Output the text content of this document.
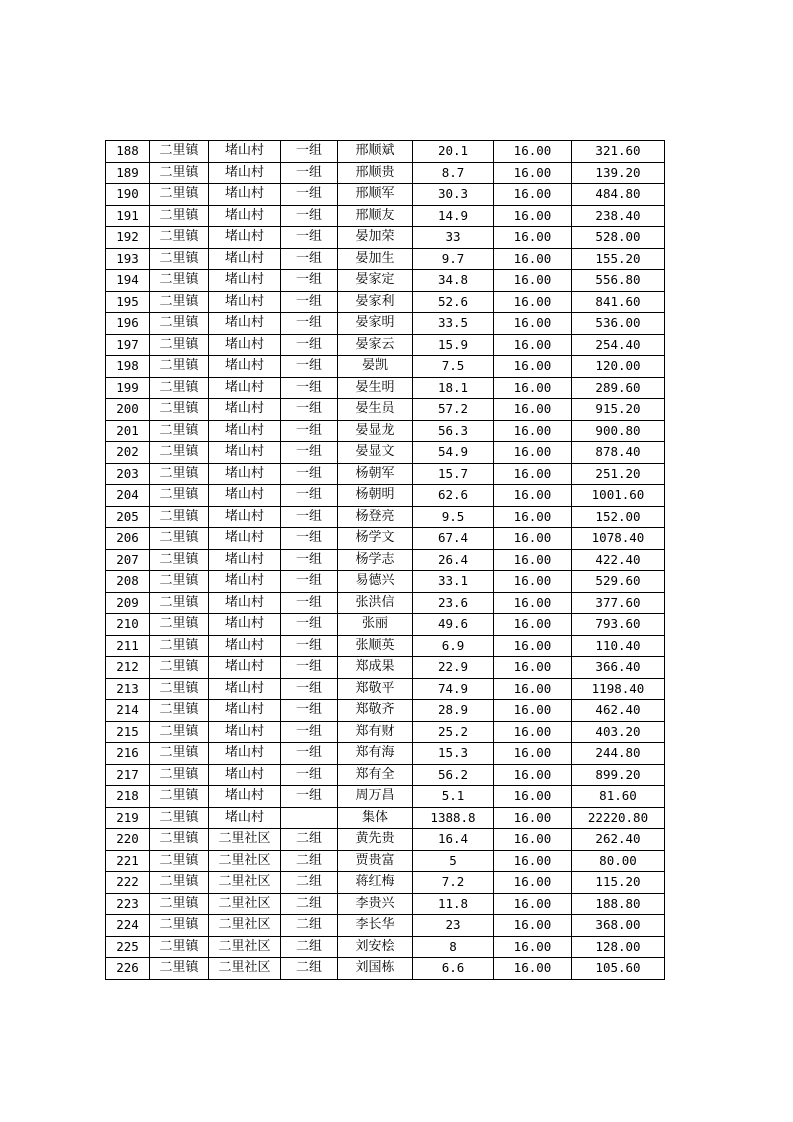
188	二里镇	堵山村	一组	邢顺斌	20.1	16.00	321.60
189	二里镇	堵山村	一组	邢顺贵	8.7	16.00	139.20
190	二里镇	堵山村	一组	邢顺军	30.3	16.00	484.80
191	二里镇	堵山村	一组	邢顺友	14.9	16.00	238.40
192	二里镇	堵山村	一组	晏加荣	33	16.00	528.00
193	二里镇	堵山村	一组	晏加生	9.7	16.00	155.20
194	二里镇	堵山村	一组	晏家定	34.8	16.00	556.80
195	二里镇	堵山村	一组	晏家利	52.6	16.00	841.60
196	二里镇	堵山村	一组	晏家明	33.5	16.00	536.00
197	二里镇	堵山村	一组	晏家云	15.9	16.00	254.40
198	二里镇	堵山村	一组	晏凯	7.5	16.00	120.00
199	二里镇	堵山村	一组	晏生明	18.1	16.00	289.60
200	二里镇	堵山村	一组	晏生员	57.2	16.00	915.20
201	二里镇	堵山村	一组	晏显龙	56.3	16.00	900.80
202	二里镇	堵山村	一组	晏显文	54.9	16.00	878.40
203	二里镇	堵山村	一组	杨朝军	15.7	16.00	251.20
204	二里镇	堵山村	一组	杨朝明	62.6	16.00	1001.60
205	二里镇	堵山村	一组	杨登亮	9.5	16.00	152.00
206	二里镇	堵山村	一组	杨学文	67.4	16.00	1078.40
207	二里镇	堵山村	一组	杨学志	26.4	16.00	422.40
208	二里镇	堵山村	一组	易德兴	33.1	16.00	529.60
209	二里镇	堵山村	一组	张洪信	23.6	16.00	377.60
210	二里镇	堵山村	一组	张丽	49.6	16.00	793.60
211	二里镇	堵山村	一组	张顺英	6.9	16.00	110.40
212	二里镇	堵山村	一组	郑成果	22.9	16.00	366.40
213	二里镇	堵山村	一组	郑敬平	74.9	16.00	1198.40
214	二里镇	堵山村	一组	郑敬齐	28.9	16.00	462.40
215	二里镇	堵山村	一组	郑有财	25.2	16.00	403.20
216	二里镇	堵山村	一组	郑有海	15.3	16.00	244.80
217	二里镇	堵山村	一组	郑有全	56.2	16.00	899.20
218	二里镇	堵山村	一组	周万昌	5.1	16.00	81.60
219	二里镇	堵山村		集体	1388.8	16.00	22220.80
220	二里镇	二里社区	二组	黄先贵	16.4	16.00	262.40
221	二里镇	二里社区	二组	贾贵富	5	16.00	80.00
222	二里镇	二里社区	二组	蒋红梅	7.2	16.00	115.20
223	二里镇	二里社区	二组	李贵兴	11.8	16.00	188.80
224	二里镇	二里社区	二组	李长华	23	16.00	368.00
225	二里镇	二里社区	二组	刘安桧	8	16.00	128.00
226	二里镇	二里社区	二组	刘国栋	6.6	16.00	105.60
